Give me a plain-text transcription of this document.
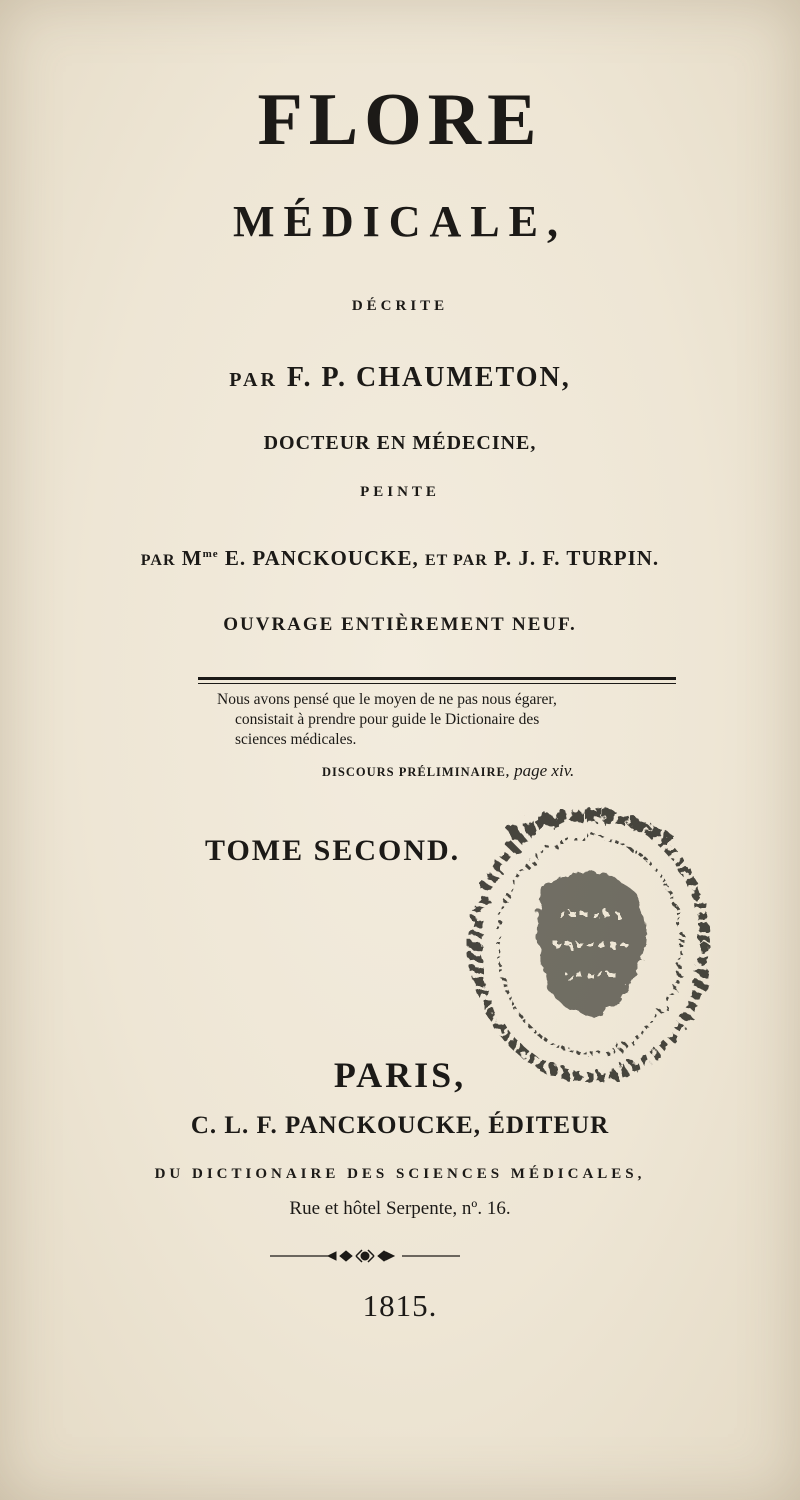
FLORE
MÉDICALE,
DÉCRITE
PAR F. P. CHAUMETON,
DOCTEUR EN MÉDECINE,
PEINTE
PAR $M^{me}$ E. PANCKOUCKE, ET PAR P. J. F. TURPIN.
OUVRAGE ENTIÈREMENT NEUF.
Nous avons pensé que le moyen de ne pas nous égarer,
consistait à prendre pour guide le Dictionaire des
sciences médicales.
DISCOURS PRÉLIMINAIRE, page xiv.
TOME SECOND.
PARIS,
C. L. F. PANCKOUCKE, ÉDITEUR
DU DICTIONAIRE DES SCIENCES MÉDICALES,
Rue et hôtel Serpente, nº. 16.
1815.
